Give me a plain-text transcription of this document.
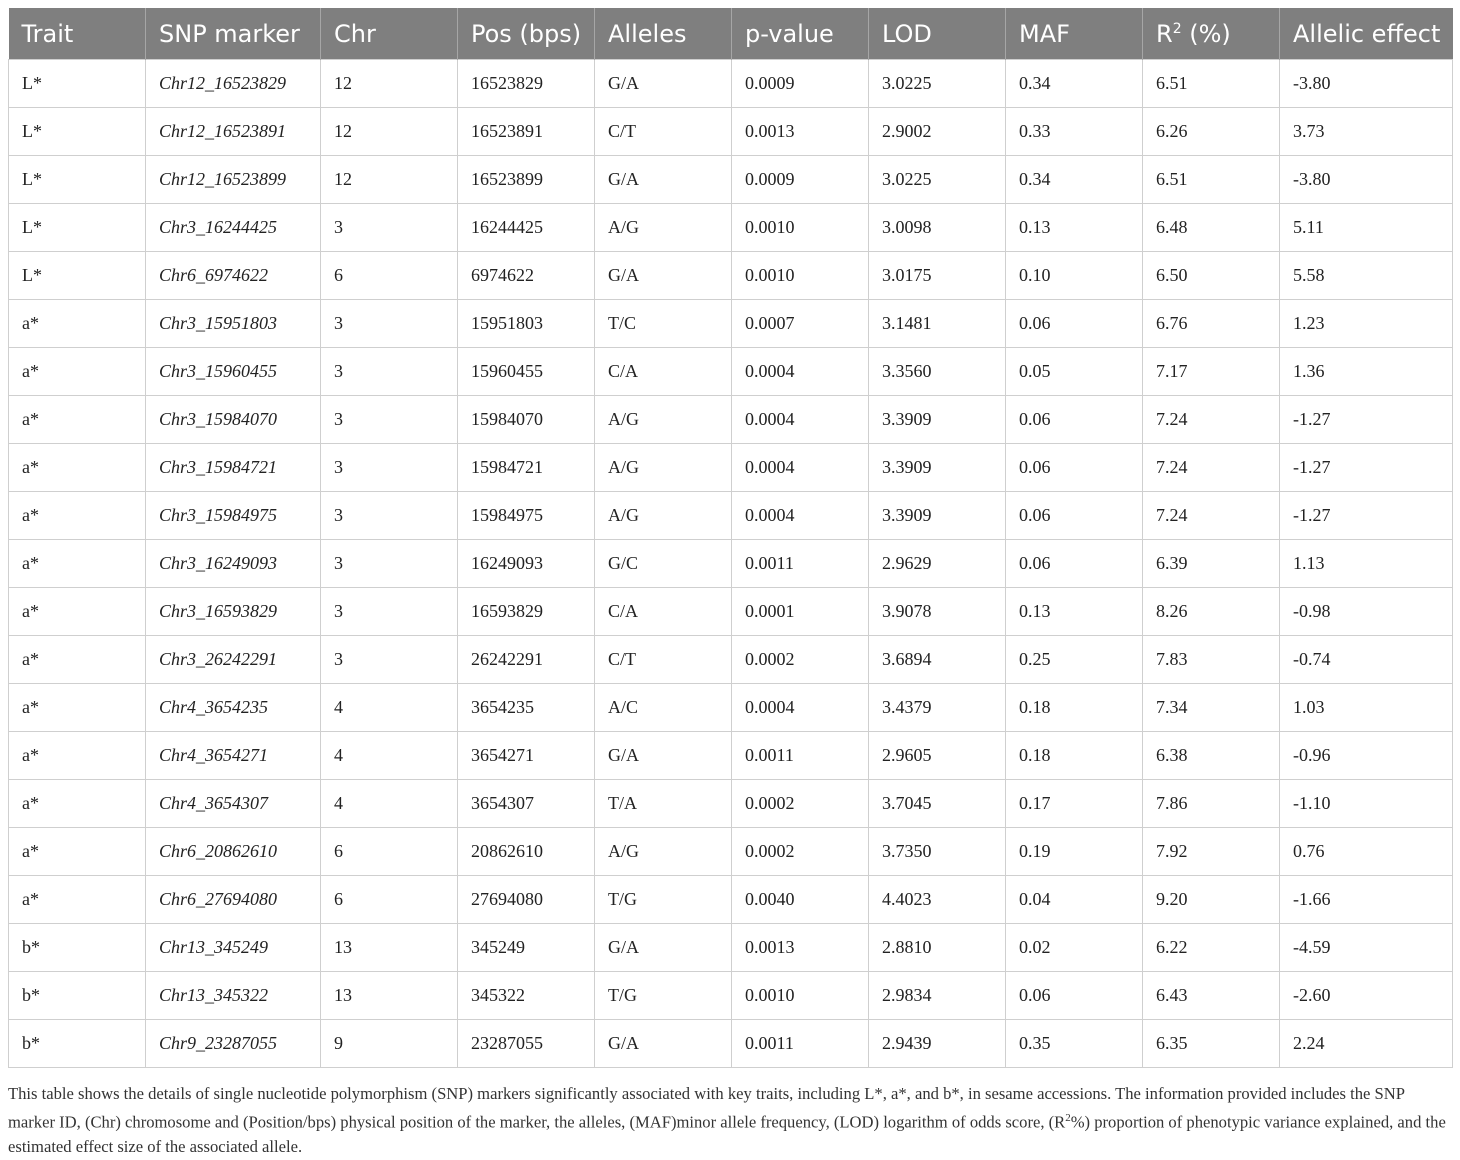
Trait	SNP marker	Chr	Pos (bps)	Alleles	p-value	LOD	MAF	$R^2$ (%)	Allelic effect
L*	Chr12_16523829	12	16523829	G/A	0.0009	3.0225	0.34	6.51	-3.80
L*	Chr12_16523891	12	16523891	C/T	0.0013	2.9002	0.33	6.26	3.73
L*	Chr12_16523899	12	16523899	G/A	0.0009	3.0225	0.34	6.51	-3.80
L*	Chr3_16244425	3	16244425	A/G	0.0010	3.0098	0.13	6.48	5.11
L*	Chr6_6974622	6	6974622	G/A	0.0010	3.0175	0.10	6.50	5.58
a*	Chr3_15951803	3	15951803	T/C	0.0007	3.1481	0.06	6.76	1.23
a*	Chr3_15960455	3	15960455	C/A	0.0004	3.3560	0.05	7.17	1.36
a*	Chr3_15984070	3	15984070	A/G	0.0004	3.3909	0.06	7.24	-1.27
a*	Chr3_15984721	3	15984721	A/G	0.0004	3.3909	0.06	7.24	-1.27
a*	Chr3_15984975	3	15984975	A/G	0.0004	3.3909	0.06	7.24	-1.27
a*	Chr3_16249093	3	16249093	G/C	0.0011	2.9629	0.06	6.39	1.13
a*	Chr3_16593829	3	16593829	C/A	0.0001	3.9078	0.13	8.26	-0.98
a*	Chr3_26242291	3	26242291	C/T	0.0002	3.6894	0.25	7.83	-0.74
a*	Chr4_3654235	4	3654235	A/C	0.0004	3.4379	0.18	7.34	1.03
a*	Chr4_3654271	4	3654271	G/A	0.0011	2.9605	0.18	6.38	-0.96
a*	Chr4_3654307	4	3654307	T/A	0.0002	3.7045	0.17	7.86	-1.10
a*	Chr6_20862610	6	20862610	A/G	0.0002	3.7350	0.19	7.92	0.76
a*	Chr6_27694080	6	27694080	T/G	0.0040	4.4023	0.04	9.20	-1.66
b*	Chr13_345249	13	345249	G/A	0.0013	2.8810	0.02	6.22	-4.59
b*	Chr13_345322	13	345322	T/G	0.0010	2.9834	0.06	6.43	-2.60
b*	Chr9_23287055	9	23287055	G/A	0.0011	2.9439	0.35	6.35	2.24
This table shows the details of single nucleotide polymorphism (SNP) markers significantly associated with key traits, including L*, a*, and b*, in sesame accessions. The information provided includes the SNP marker ID, (Chr) chromosome and (Position/bps) physical position of the marker, the alleles, (MAF)minor allele frequency, (LOD) logarithm of odds score, $(R^2\%)$ proportion of phenotypic variance explained, and the estimated effect size of the associated allele.
